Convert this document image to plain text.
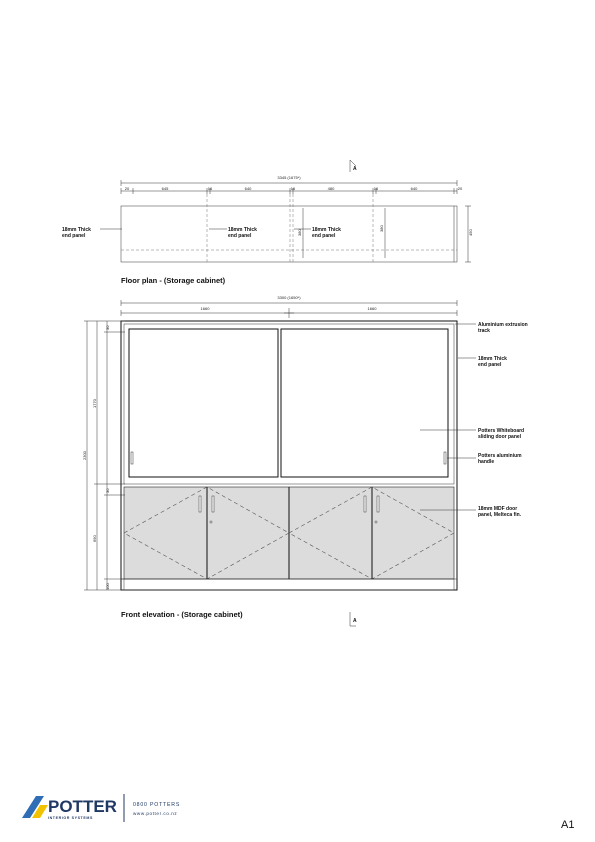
A
3345 (1675*)
20	645	16	640	16	480	16	640	20
450
380
380
18mm Thick end panel
18mm Thick end panel
18mm Thick end panel
Floor plan - (Storage cabinet)
3300 (1650*)
1660	1660
2300
1770
30
30
690
100
Aluminium extrusion track
18mm Thick end panel
Potters Whiteboard sliding door panel
Potters aluminium handle
18mm MDF door panel, Melteca fin.
Front elevation - (Storage cabinet)
A
POTTER
INTERIOR SYSTEMS
0800 POTTERS
www.potter.co.nz
A1
